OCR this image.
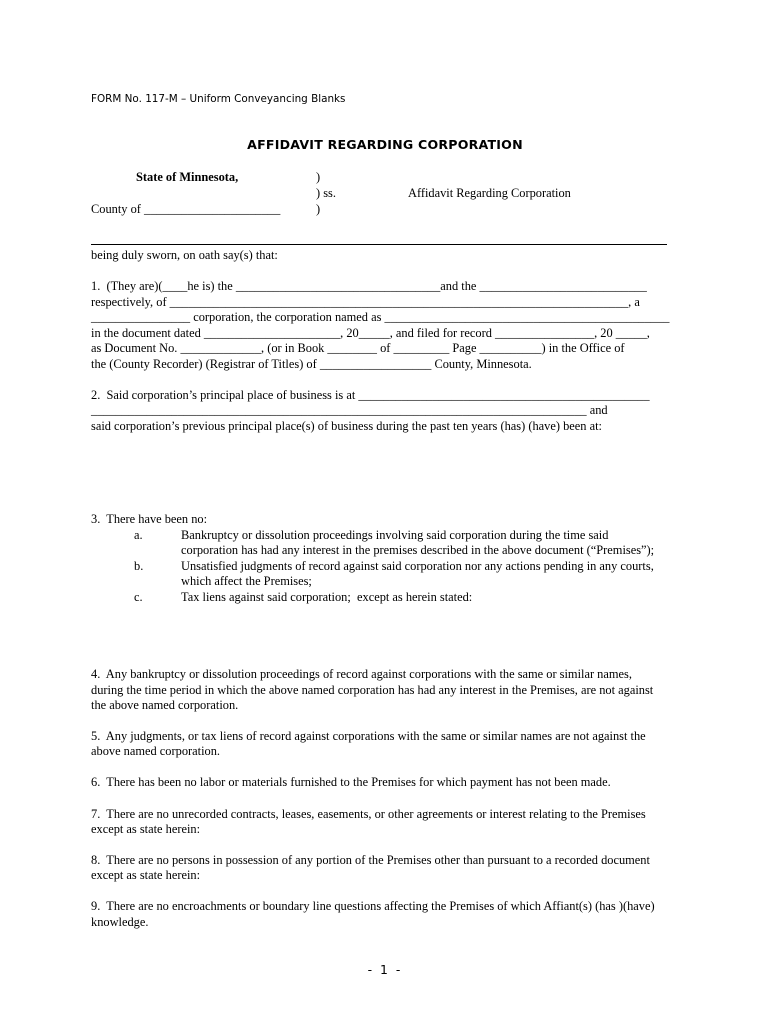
FORM No. 117-M – Uniform Conveyancing Blanks
AFFIDAVIT REGARDING CORPORATION
State of Minnesota,	)
) ss.	Affidavit Regarding Corporation
County of ______________________	)
being duly sworn, on oath say(s) that:
1.  (They are)(____he is) the _________________________________and the ___________________________
respectively, of __________________________________________________________________________, a
________________ corporation, the corporation named as ______________________________________________
in the document dated ______________________, 20_____, and filed for record ________________, 20 _____,
as Document No. _____________, (or in Book ________ of _________ Page __________) in the Office of
the (County Recorder) (Registrar of Titles) of __________________ County, Minnesota.
2.  Said corporation’s principal place of business is at _______________________________________________
________________________________________________________________________________ and
said corporation’s previous principal place(s) of business during the past ten years (has) (have) been at:
3.  There have been no:
a.	Bankruptcy or dissolution proceedings involving said corporation during the time said
corporation has had any interest in the premises described in the above document (“Premises”);
b.	Unsatisfied judgments of record against said corporation nor any actions pending in any courts,
which affect the Premises;
c.	Tax liens against said corporation;  except as herein stated:
4.  Any bankruptcy or dissolution proceedings of record against corporations with the same or similar names,
during the time period in which the above named corporation has had any interest in the Premises, are not against
the above named corporation.
5.  Any judgments, or tax liens of record against corporations with the same or similar names are not against the
above named corporation.
6.  There has been no labor or materials furnished to the Premises for which payment has not been made.
7.  There are no unrecorded contracts, leases, easements, or other agreements or interest relating to the Premises
except as state herein:
8.  There are no persons in possession of any portion of the Premises other than pursuant to a recorded document
except as state herein:
9.  There are no encroachments or boundary line questions affecting the Premises of which Affiant(s) (has )(have)
knowledge.
- 1 -
